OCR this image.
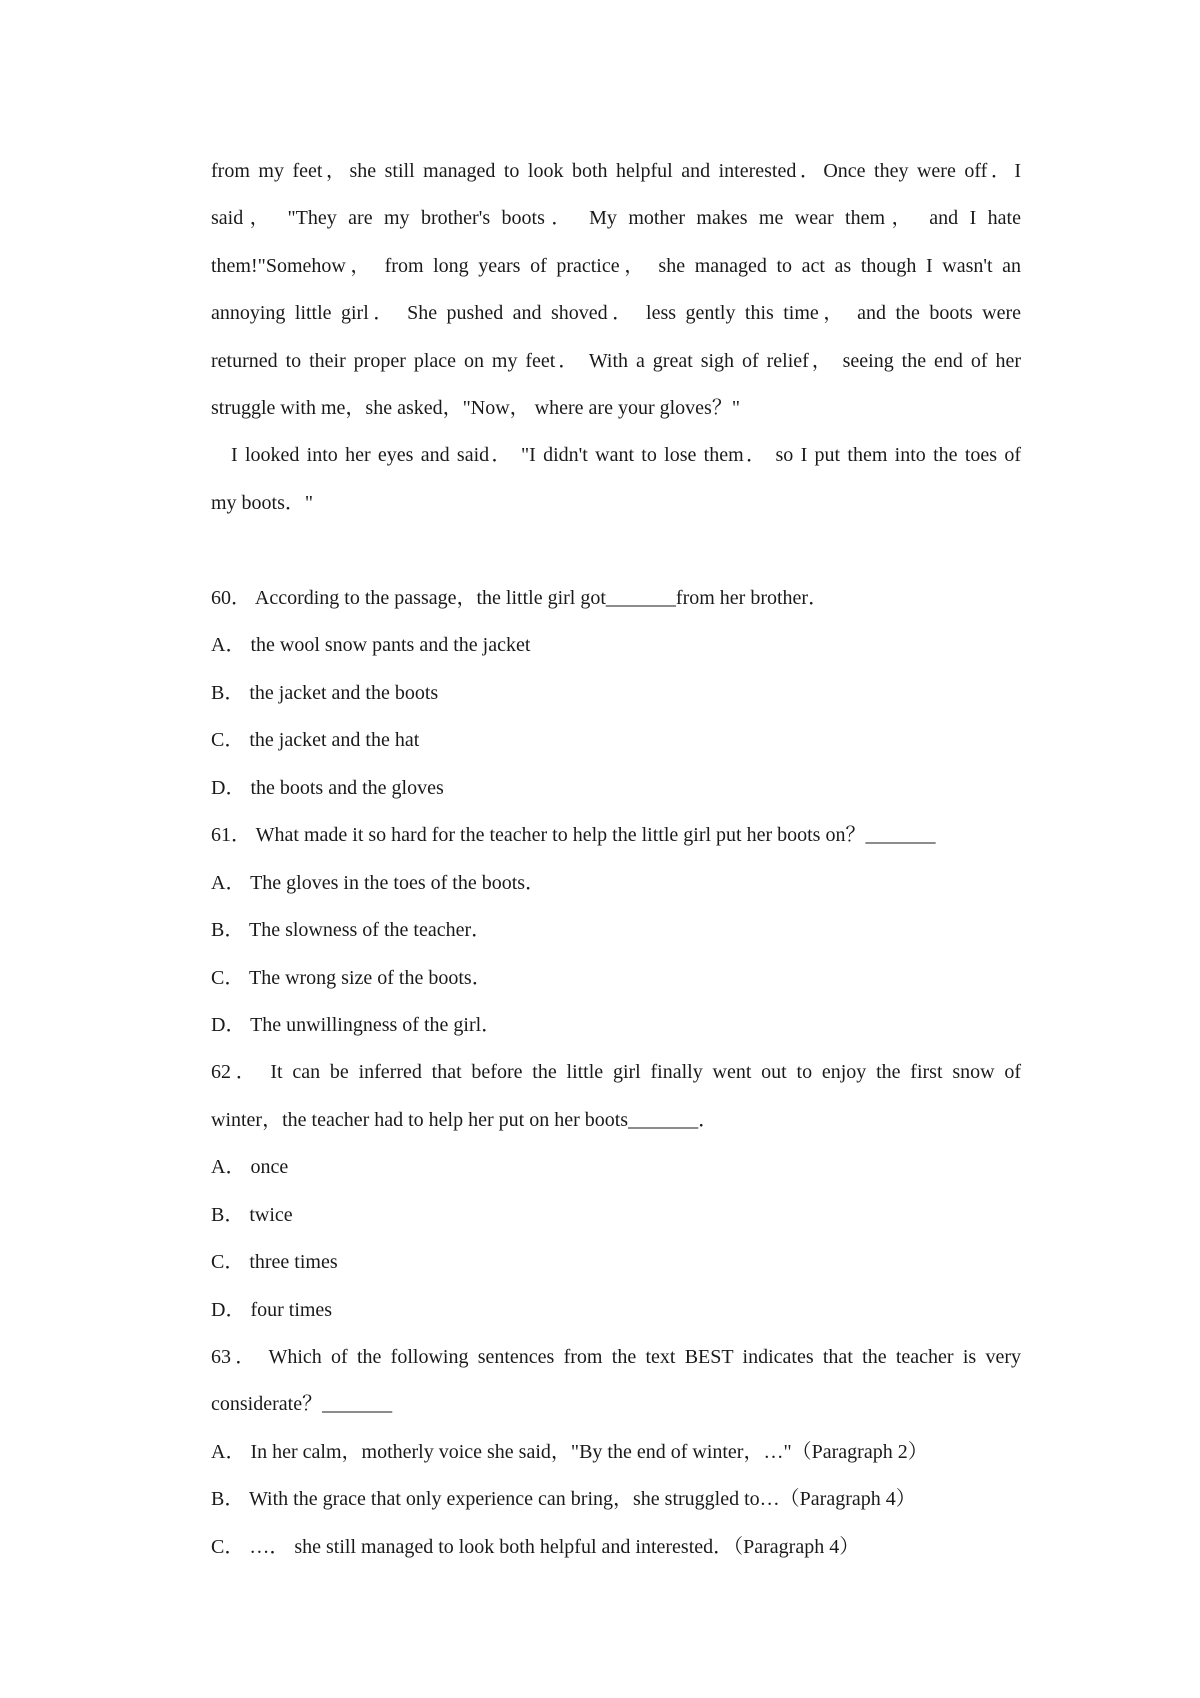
from my feet，she still managed to look both helpful and interested．Once they were off．I
said， "They are my brother's boots． My mother makes me wear them， and I hate
them!"Somehow， from long years of practice， she managed to act as though I wasn't an
annoying little girl． She pushed and shoved． less gently this time， and the boots were
returned to their proper place on my feet． With a great sigh of relief， seeing the end of her
struggle with me，she asked，"Now， where are your gloves？"
I looked into her eyes and said． "I didn't want to lose them． so I put them into the toes of
my boots．"
60． According to the passage，the little girl got_______from her brother．
A． the wool snow pants and the jacket
B． the jacket and the boots
C． the jacket and the hat
D． the boots and the gloves
61． What made it so hard for the teacher to help the little girl put her boots on？_______
A． The gloves in the toes of the boots．
B． The slowness of the teacher．
C． The wrong size of the boots．
D． The unwillingness of the girl．
62． It can be inferred that before the little girl finally went out to enjoy the first snow of
winter，the teacher had to help her put on her boots_______．
A． once
B． twice
C． three times
D． four times
63． Which of the following sentences from the text BEST indicates that the teacher is very
considerate？_______
A． In her calm，motherly voice she said，"By the end of winter，…"（Paragraph 2）
B． With the grace that only experience can bring，she struggled to…（Paragraph 4）
C． …． she still managed to look both helpful and interested．（Paragraph 4）
